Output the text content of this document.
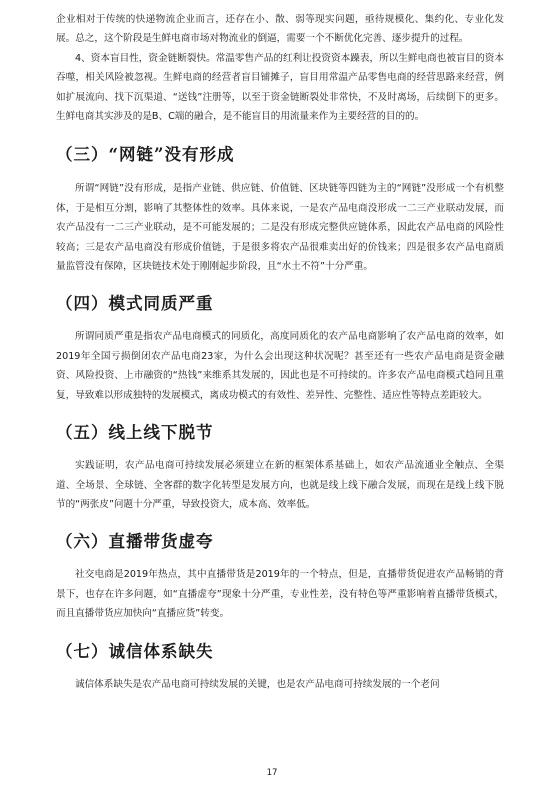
企业相对于传统的快递物流企业而言，还存在小、散、弱等现实问题，亟待规模化、集约化、专业化发展。总之，这个阶段是生鲜电商市场对物流业的倒逼，需要一个不断优化完善、逐步提升的过程。

4、资本盲目性，资金链断裂快。常温零售产品的红利让投资资本躁表，所以生鲜电商也被盲目的资本吞噬，相关风险被忽视。生鲜电商的经营者盲目铺摊子，盲目用常温产品零售电商的经营思路来经营，例如扩展流向、找下沉渠道、“送钱”注册等，以至于资金链断裂处非常快，不及时离场，后续倒下的更多。生鲜电商其实涉及的是B、C端的融合，是不能盲目的用流量来作为主要经营的目的的。

（三）“网链”没有形成

所谓“网链”没有形成，是指产业链、供应链、价值链、区块链等四链为主的“网链”没形成一个有机整体，于是相互分割，影响了其整体性的效率。具体来说，一是农产品电商没形成一二三产业联动发展，而农产品没有一二三产业联动，是不可能发展的；二是没有形成完整供应链体系，因此农产品电商的风险性较高；三是农产品电商没有形成价值链，于是很多将农产品很难卖出好的价钱来；四是很多农产品电商质量监管没有保障，区块链技术处于刚刚起步阶段，且“水土不符”十分严重。

（四）模式同质严重

所谓同质严重是指农产品电商模式的同质化，高度同质化的农产品电商影响了农产品电商的效率，如2019年全国亏损倒闭农产品电商23家，为什么会出现这种状况呢？甚至还有一些农产品电商是资金融资、风险投资、上市融资的“热钱”来维系其发展的，因此也是不可持续的。许多农产品电商模式趋同且重复，导致难以形成独特的发展模式，离成功模式的有效性、差异性、完整性、适应性等特点差距较大。

（五）线上线下脱节

实践证明，农产品电商可持续发展必须建立在新的框架体系基础上，如农产品流通业全触点、全渠道、全场景、全球链、全客群的数字化转型是发展方向，也就是线上线下融合发展，而现在是线上线下脱节的“两张皮”问题十分严重，导致投资大，成本高、效率低。

（六）直播带货虚夸

社交电商是2019年热点，其中直播带货是2019年的一个特点，但是，直播带货促进农产品畅销的背景下，也存在许多问题，如“直播虚夸”现象十分严重，专业性差，没有特色等严重影响着直播带货模式，而且直播带货应加快向“直播应货”转变。

（七）诚信体系缺失

诚信体系缺失是农产品电商可持续发展的关键，也是农产品电商可持续发展的一个老问

17
